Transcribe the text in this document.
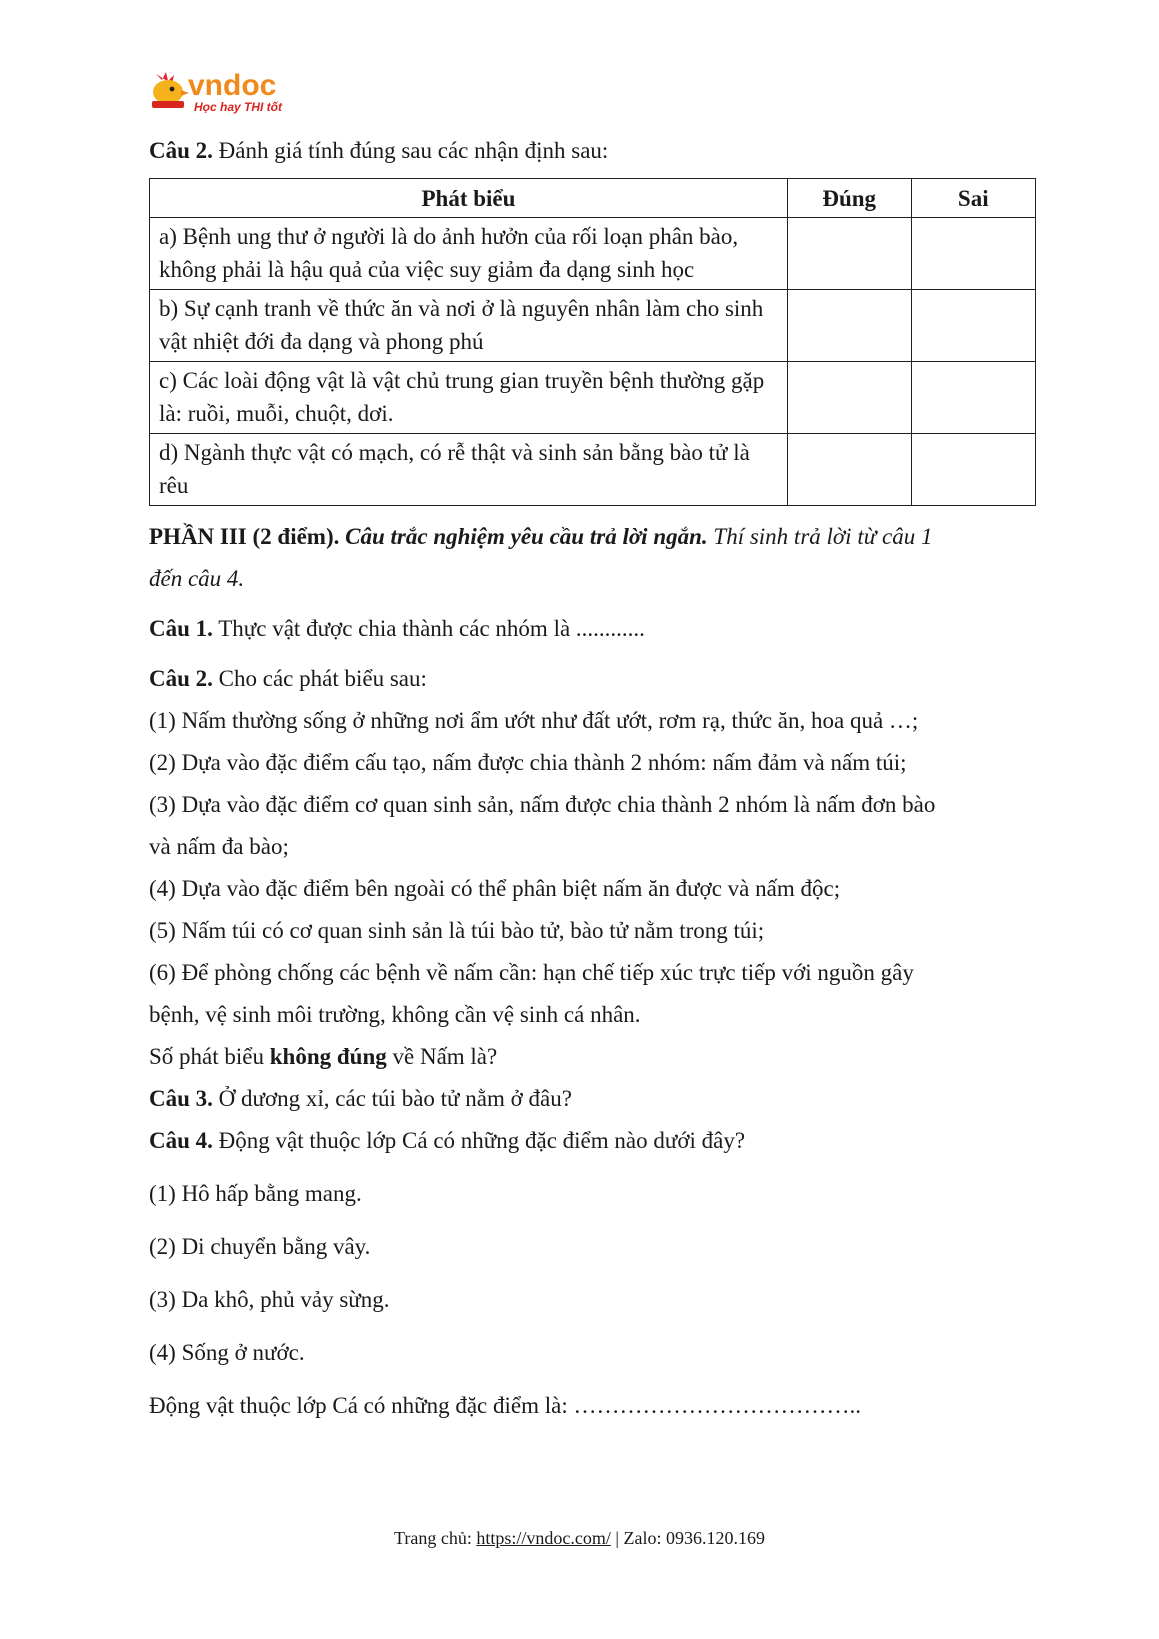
vndoc
Học hay THI tốt

Câu 2. Đánh giá tính đúng sau các nhận định sau:

Phát biểu	Đúng	Sai
a) Bệnh ung thư ở người là do ảnh hưởn của rối loạn phân bào, không phải là hậu quả của việc suy giảm đa dạng sinh học		
b) Sự cạnh tranh về thức ăn và nơi ở là nguyên nhân làm cho sinh vật nhiệt đới đa dạng và phong phú		
c) Các loài động vật là vật chủ trung gian truyền bệnh thường gặp là: ruồi, muỗi, chuột, dơi.		
d) Ngành thực vật có mạch, có rễ thật và sinh sản bằng bào tử là rêu		

PHẦN III (2 điểm). Câu trắc nghiệm yêu cầu trả lời ngắn. Thí sinh trả lời từ câu 1

đến câu 4.

Câu 1. Thực vật được chia thành các nhóm là ............

Câu 2. Cho các phát biểu sau:

(1) Nấm thường sống ở những nơi ẩm ướt như đất ướt, rơm rạ, thức ăn, hoa quả …;

(2) Dựa vào đặc điểm cấu tạo, nấm được chia thành 2 nhóm: nấm đảm và nấm túi;

(3) Dựa vào đặc điểm cơ quan sinh sản, nấm được chia thành 2 nhóm là nấm đơn bào

và nấm đa bào;

(4) Dựa vào đặc điểm bên ngoài có thể phân biệt nấm ăn được và nấm độc;

(5) Nấm túi có cơ quan sinh sản là túi bào tử, bào tử nằm trong túi;

(6) Để phòng chống các bệnh về nấm cần: hạn chế tiếp xúc trực tiếp với nguồn gây

bệnh, vệ sinh môi trường, không cần vệ sinh cá nhân.

Số phát biểu không đúng về Nấm là?

Câu 3. Ở dương xỉ, các túi bào tử nằm ở đâu?

Câu 4. Động vật thuộc lớp Cá có những đặc điểm nào dưới đây?

(1) Hô hấp bằng mang.

(2) Di chuyển bằng vây.

(3) Da khô, phủ vảy sừng.

(4) Sống ở nước.

Động vật thuộc lớp Cá có những đặc điểm là: ………………………………..

Trang chủ: https://vndoc.com/ | Zalo: 0936.120.169
